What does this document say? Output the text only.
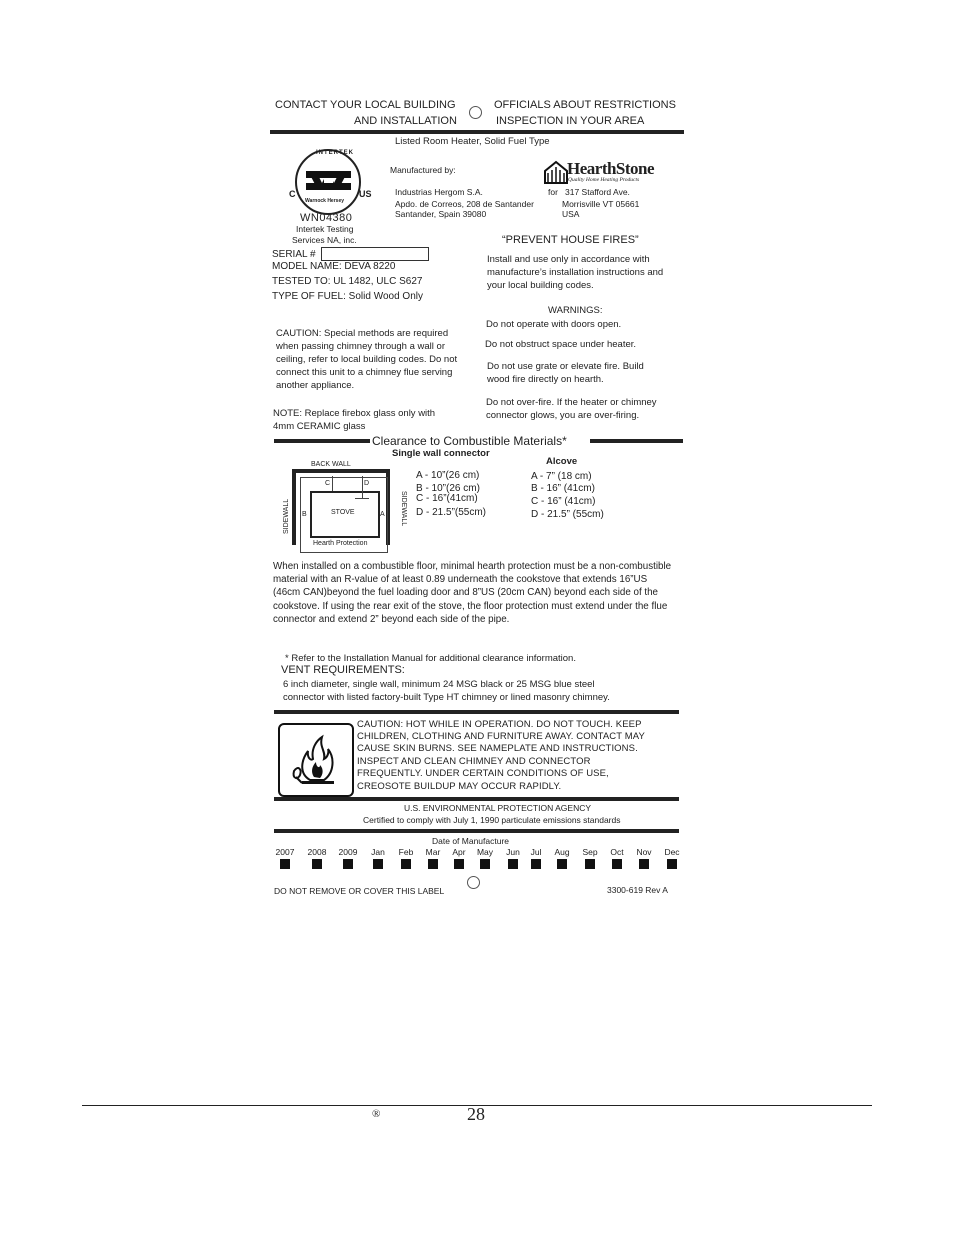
CONTACT YOUR LOCAL BUILDING
AND INSTALLATION
OFFICIALS ABOUT RESTRICTIONS
INSPECTION IN YOUR AREA
Listed Room Heater, Solid Fuel Type
INTERTEK
Warnock Hersey
C	US
WN04380
Intertek Testing
Services NA, inc.
Manufactured by:
Industrias Hergom S.A.
Apdo. de Correos, 208 de Santander
Santander, Spain 39080
for 317 Stafford Ave.
Morrisville VT 05661
USA
HearthStone
Quality Home Heating Products
SERIAL #
MODEL NAME: DEVA 8220
TESTED TO: UL 1482, ULC S627
TYPE OF FUEL: Solid Wood Only
“PREVENT HOUSE FIRES”
Install and use only in accordance with manufacture’s installation instructions and your local building codes.
WARNINGS:
Do not operate with doors open.
Do not obstruct space under heater.
Do not use grate or elevate fire. Build wood fire directly on hearth.
Do not over-fire. If the heater or chimney connector glows, you are over-firing.
CAUTION: Special methods are required when passing chimney through a wall or ceiling, refer to local building codes. Do not connect this unit to a chimney flue serving another appliance.
NOTE: Replace firebox glass only with
4mm CERAMIC glass
Clearance to Combustible Materials*
Single wall connector
Alcove
BACK WALL
SIDEWALL	SIDEWALL
STOVE
Hearth Protection
C	D
B	A
A - 10”(26 cm)
B - 10”(26 cm)
C - 16”(41cm)
D - 21.5”(55cm)
A - 7” (18 cm)
B - 16” (41cm)
C - 16” (41cm)
D - 21.5” (55cm)
When installed on a combustible floor, minimal hearth protection must be a non-combustible material with an R-value of at least 0.89 underneath the cookstove that extends 16”US (46cm CAN)beyond the fuel loading door and 8”US (20cm CAN) beyond each side of the cookstove. If using the rear exit of the stove, the floor protection must extend under the flue connector and extend 2” beyond each side of the pipe.
* Refer to the Installation Manual for additional clearance information.
VENT REQUIREMENTS:
6 inch diameter, single wall, minimum 24 MSG black or 25 MSG blue steel
connector with listed factory-built Type HT chimney or lined masonry chimney.
CAUTION: HOT WHILE IN OPERATION. DO NOT TOUCH. KEEP
CHILDREN, CLOTHING AND FURNITURE AWAY. CONTACT MAY
CAUSE SKIN BURNS. SEE NAMEPLATE AND INSTRUCTIONS.
INSPECT AND CLEAN CHIMNEY AND CONNECTOR
FREQUENTLY. UNDER CERTAIN CONDITIONS OF USE,
CREOSOTE BUILDUP MAY OCCUR RAPIDLY.
U.S. ENVIRONMENTAL PROTECTION AGENCY
Certified to comply with July 1, 1990 particulate emissions standards
Date of Manufacture
2007 2008 2009	Jan	Feb	Mar	Apr	May	Jun	Jul	Aug Sep	Oct	Nov Dec
DO NOT REMOVE OR COVER THIS LABEL	3300-619 Rev A
®	28
